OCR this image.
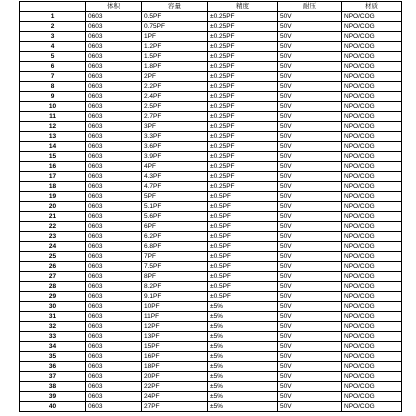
	体积	容量	精度	耐压	材质
1	0603	0.5PF	±0.25PF	50V	NPO/COG
2	0603	0.75PF	±0.25PF	50V	NPO/COG
3	0603	1PF	±0.25PF	50V	NPO/COG
4	0603	1.2PF	±0.25PF	50V	NPO/COG
5	0603	1.5PF	±0.25PF	50V	NPO/COG
6	0603	1.8PF	±0.25PF	50V	NPO/COG
7	0603	2PF	±0.25PF	50V	NPO/COG
8	0603	2.2PF	±0.25PF	50V	NPO/COG
9	0603	2.4PF	±0.25PF	50V	NPO/COG
10	0603	2.5PF	±0.25PF	50V	NPO/COG
11	0603	2.7PF	±0.25PF	50V	NPO/COG
12	0603	3PF	±0.25PF	50V	NPO/COG
13	0603	3.3PF	±0.25PF	50V	NPO/COG
14	0603	3.6PF	±0.25PF	50V	NPO/COG
15	0603	3.9PF	±0.25PF	50V	NPO/COG
16	0603	4PF	±0.25PF	50V	NPO/COG
17	0603	4.3PF	±0.25PF	50V	NPO/COG
18	0603	4.7PF	±0.25PF	50V	NPO/COG
19	0603	5PF	±0.5PF	50V	NPO/COG
20	0603	5.1PF	±0.5PF	50V	NPO/COG
21	0603	5.6PF	±0.5PF	50V	NPO/COG
22	0603	6PF	±0.5PF	50V	NPO/COG
23	0603	6.2PF	±0.5PF	50V	NPO/COG
24	0603	6.8PF	±0.5PF	50V	NPO/COG
25	0603	7PF	±0.5PF	50V	NPO/COG
26	0603	7.5PF	±0.5PF	50V	NPO/COG
27	0603	8PF	±0.5PF	50V	NPO/COG
28	0603	8.2PF	±0.5PF	50V	NPO/COG
29	0603	9.1PF	±0.5PF	50V	NPO/COG
30	0603	10PF	±5%	50V	NPO/COG
31	0603	11PF	±5%	50V	NPO/COG
32	0603	12PF	±5%	50V	NPO/COG
33	0603	13PF	±5%	50V	NPO/COG
34	0603	15PF	±5%	50V	NPO/COG
35	0603	16PF	±5%	50V	NPO/COG
36	0603	18PF	±5%	50V	NPO/COG
37	0603	20PF	±5%	50V	NPO/COG
38	0603	22PF	±5%	50V	NPO/COG
39	0603	24PF	±5%	50V	NPO/COG
40	0603	27PF	±5%	50V	NPO/COG
